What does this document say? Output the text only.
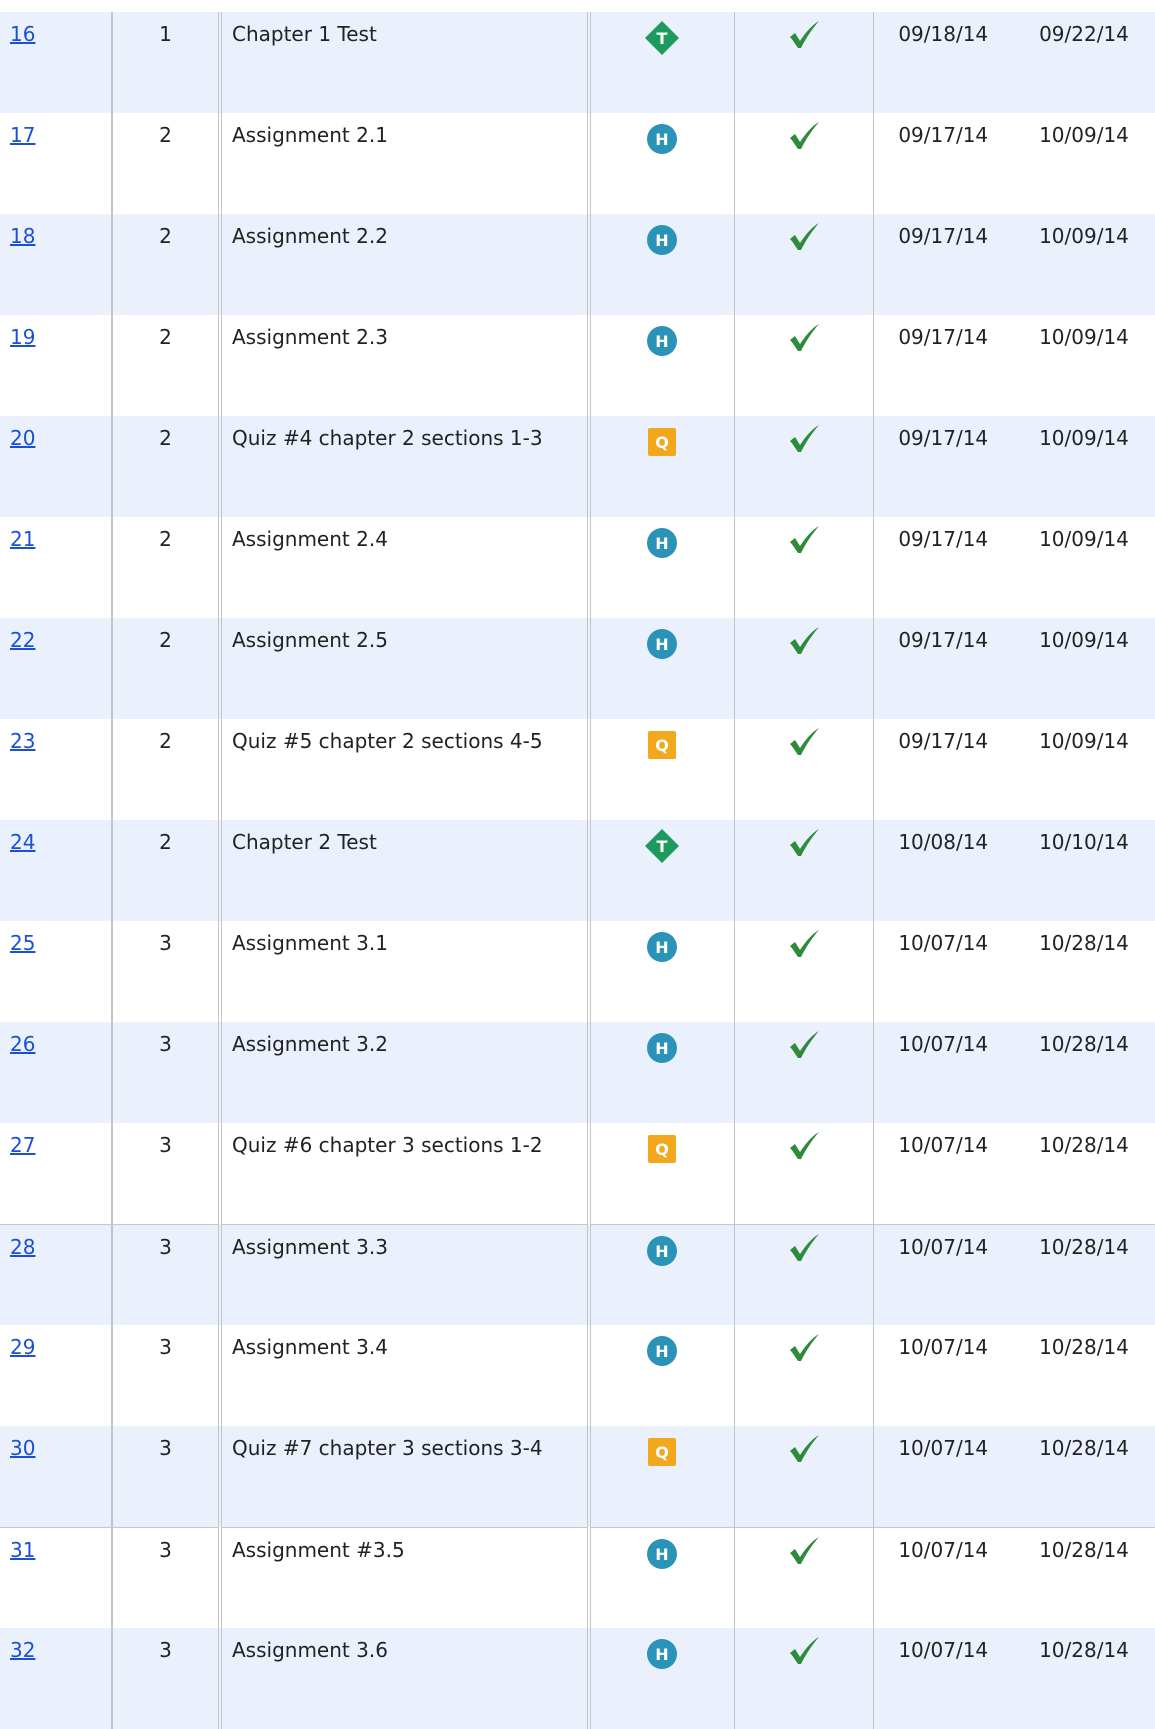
16	1	Chapter 1 Test	T		09/18/14	09/22/14
17	2	Assignment 2.1	H		09/17/14	10/09/14
18	2	Assignment 2.2	H		09/17/14	10/09/14
19	2	Assignment 2.3	H		09/17/14	10/09/14
20	2	Quiz #4 chapter 2 sections 1-3	Q		09/17/14	10/09/14
21	2	Assignment 2.4	H		09/17/14	10/09/14
22	2	Assignment 2.5	H		09/17/14	10/09/14
23	2	Quiz #5 chapter 2 sections 4-5	Q		09/17/14	10/09/14
24	2	Chapter 2 Test	T		10/08/14	10/10/14
25	3	Assignment 3.1	H		10/07/14	10/28/14
26	3	Assignment 3.2	H		10/07/14	10/28/14
27	3	Quiz #6 chapter 3 sections 1-2	Q		10/07/14	10/28/14
28	3	Assignment 3.3	H		10/07/14	10/28/14
29	3	Assignment 3.4	H		10/07/14	10/28/14
30	3	Quiz #7 chapter 3 sections 3-4	Q		10/07/14	10/28/14
31	3	Assignment #3.5	H		10/07/14	10/28/14
32	3	Assignment 3.6	H		10/07/14	10/28/14
